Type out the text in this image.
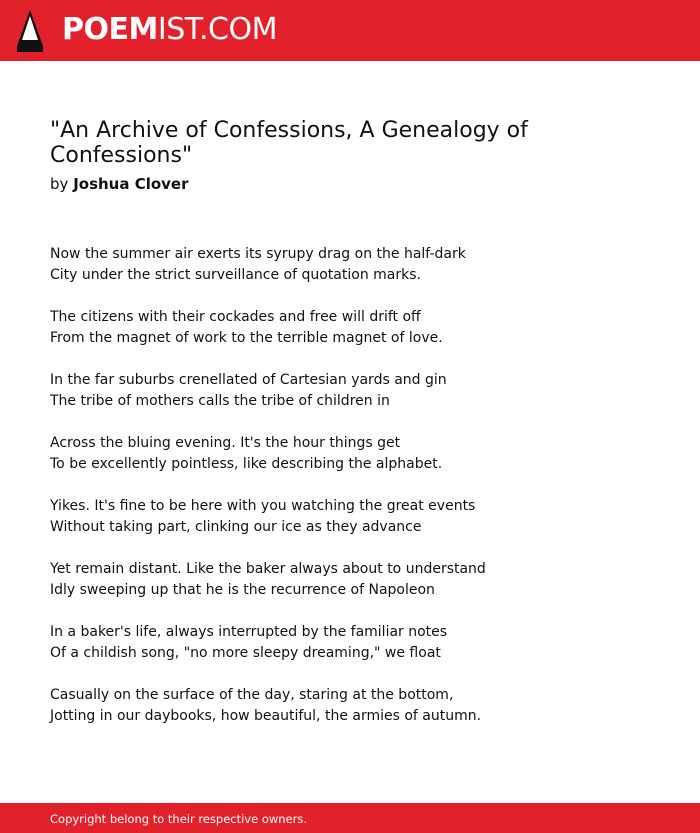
POEMIST.COM
"An Archive of Confessions, A Genealogy of Confessions"
by Joshua Clover
Now the summer air exerts its syrupy drag on the half-dark
City under the strict surveillance of quotation marks.
The citizens with their cockades and free will drift off
From the magnet of work to the terrible magnet of love.
In the far suburbs crenellated of Cartesian yards and gin
The tribe of mothers calls the tribe of children in
Across the bluing evening. It's the hour things get
To be excellently pointless, like describing the alphabet.
Yikes. It's fine to be here with you watching the great events
Without taking part, clinking our ice as they advance
Yet remain distant. Like the baker always about to understand
Idly sweeping up that he is the recurrence of Napoleon
In a baker's life, always interrupted by the familiar notes
Of a childish song, "no more sleepy dreaming," we float
Casually on the surface of the day, staring at the bottom,
Jotting in our daybooks, how beautiful, the armies of autumn.
Copyright belong to their respective owners.
